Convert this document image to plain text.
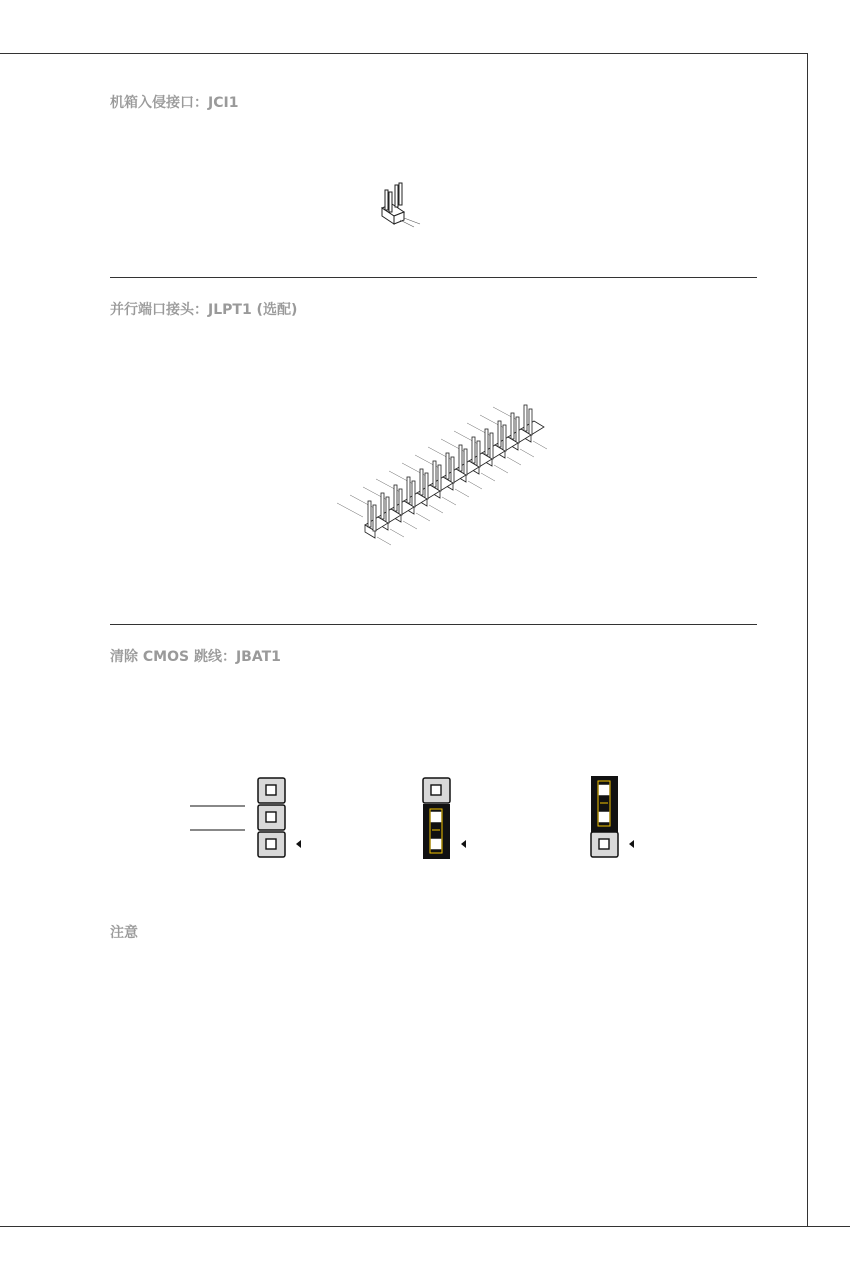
机箱入侵接口：JCI1
并行端口接头：JLPT1 (选配)
清除 CMOS 跳线：JBAT1
注意
